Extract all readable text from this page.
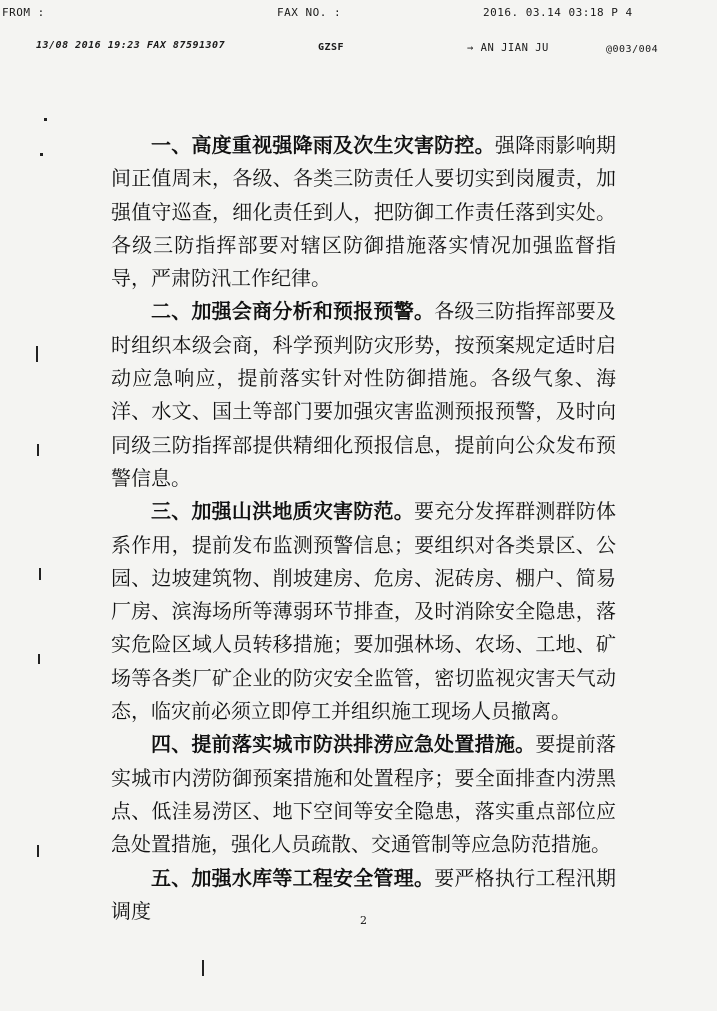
FROM :	FAX NO. :	2016. 03.14 03:18 P 4
13/08 2016 19:23 FAX 87591307	GZSF	→ AN JIAN JU	@003/004

一、高度重视强降雨及次生灾害防控。强降雨影响期间正值周末，各级、各类三防责任人要切实到岗履责，加强值守巡查，细化责任到人，把防御工作责任落到实处。各级三防指挥部要对辖区防御措施落实情况加强监督指导，严肃防汛工作纪律。

二、加强会商分析和预报预警。各级三防指挥部要及时组织本级会商，科学预判防灾形势，按预案规定适时启动应急响应，提前落实针对性防御措施。各级气象、海洋、水文、国土等部门要加强灾害监测预报预警，及时向同级三防指挥部提供精细化预报信息，提前向公众发布预警信息。

三、加强山洪地质灾害防范。要充分发挥群测群防体系作用，提前发布监测预警信息；要组织对各类景区、公园、边坡建筑物、削坡建房、危房、泥砖房、棚户、简易厂房、滨海场所等薄弱环节排查，及时消除安全隐患，落实危险区域人员转移措施；要加强林场、农场、工地、矿场等各类厂矿企业的防灾安全监管，密切监视灾害天气动态，临灾前必须立即停工并组织施工现场人员撤离。

四、提前落实城市防洪排涝应急处置措施。要提前落实城市内涝防御预案措施和处置程序；要全面排查内涝黑点、低洼易涝区、地下空间等安全隐患，落实重点部位应急处置措施，强化人员疏散、交通管制等应急防范措施。

五、加强水库等工程安全管理。要严格执行工程汛期调度	2
